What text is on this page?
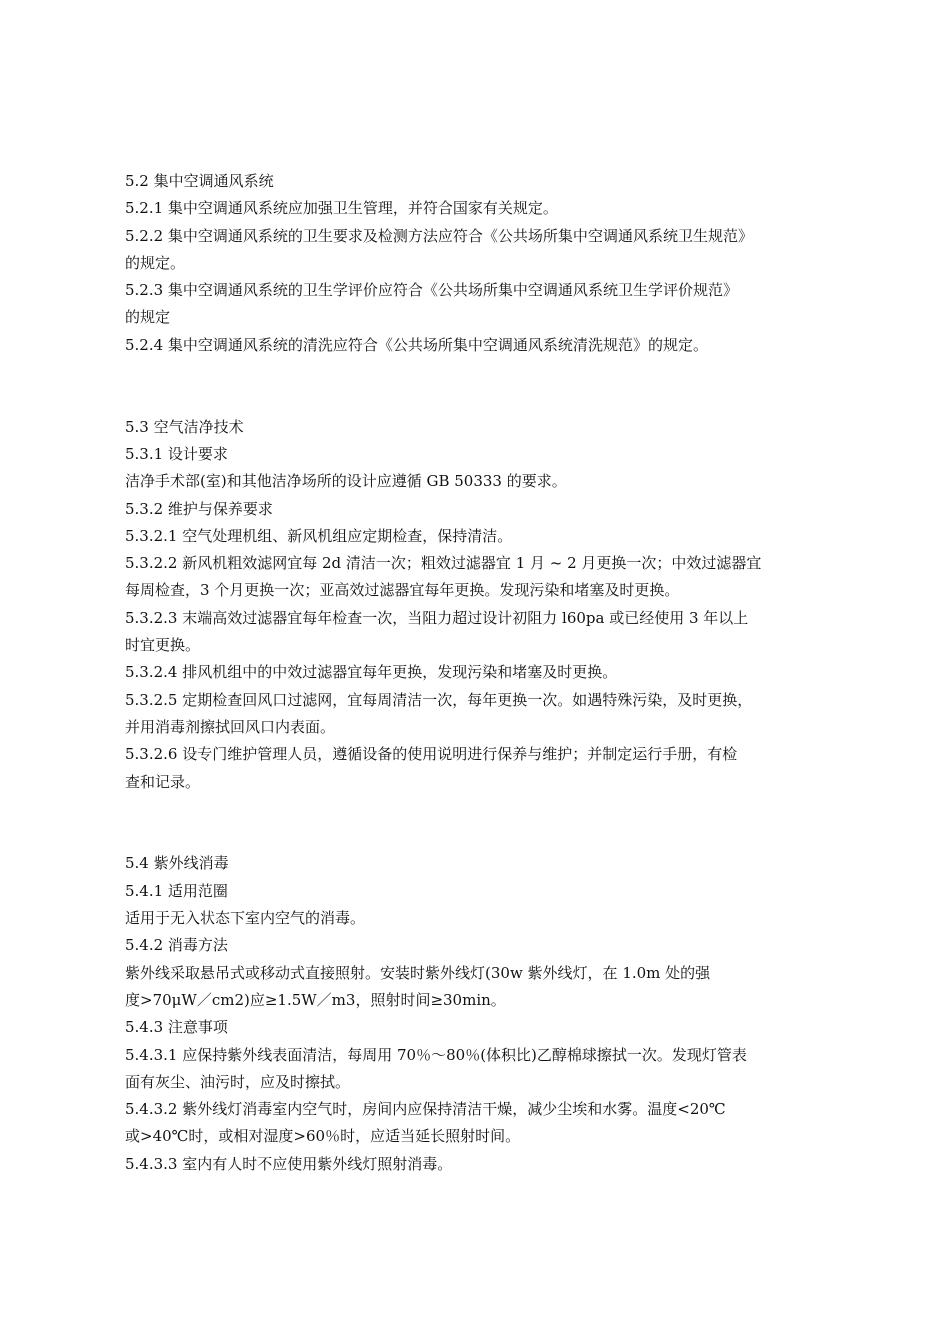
5.2 集中空调通风系统
5.2.1 集中空调通风系统应加强卫生管理，并符合国家有关规定。
5.2.2 集中空调通风系统的卫生要求及检测方法应符合《公共场所集中空调通风系统卫生规范》
的规定。
5.2.3 集中空调通风系统的卫生学评价应符合《公共场所集中空调通风系统卫生学评价规范》
的规定
5.2.4 集中空调通风系统的清洗应符合《公共场所集中空调通风系统清洗规范》的规定。
5.3 空气洁净技术
5.3.1 设计要求
洁净手术部(室)和其他洁净场所的设计应遵循 GB 50333 的要求。
5.3.2 维护与保养要求
5.3.2.1 空气处理机组、新风机组应定期检查，保持清洁。
5.3.2.2 新风机粗效滤网宜每 2d 清洁一次；粗效过滤器宜 1 月 ~ 2 月更换一次；中效过滤器宜
每周检查，3 个月更换一次；亚高效过滤器宜每年更换。发现污染和堵塞及时更换。
5.3.2.3 末端高效过滤器宜每年检查一次，当阻力超过设计初阻力 l60pa 或已经使用 3 年以上
时宜更换。
5.3.2.4 排风机组中的中效过滤器宜每年更换，发现污染和堵塞及时更换。
5.3.2.5 定期检查回风口过滤网，宜每周清洁一次，每年更换一次。如遇特殊污染，及时更换，
并用消毒剂擦拭回风口内表面。
5.3.2.6 设专门维护管理人员，遵循设备的使用说明进行保养与维护；并制定运行手册，有检
查和记录。
5.4 紫外线消毒
5.4.1 适用范圈
适用于无入状态下室内空气的消毒。
5.4.2 消毒方法
紫外线采取悬吊式或移动式直接照射。安装时紫外线灯(30w 紫外线灯，在 1.0m 处的强
度>70μW／cm2)应≥1.5W／m3，照射时间≥30min。
5.4.3 注意事项
5.4.3.1 应保持紫外线表面清洁，每周用 70％～80％(体积比)乙醇棉球擦拭一次。发现灯管表
面有灰尘、油污时，应及时擦拭。
5.4.3.2 紫外线灯消毒室内空气时，房间内应保持清洁干燥，减少尘埃和水雾。温度<20℃
或>40℃时，或相对湿度>60％时，应适当延长照射时间。
5.4.3.3 室内有人时不应使用紫外线灯照射消毒。
